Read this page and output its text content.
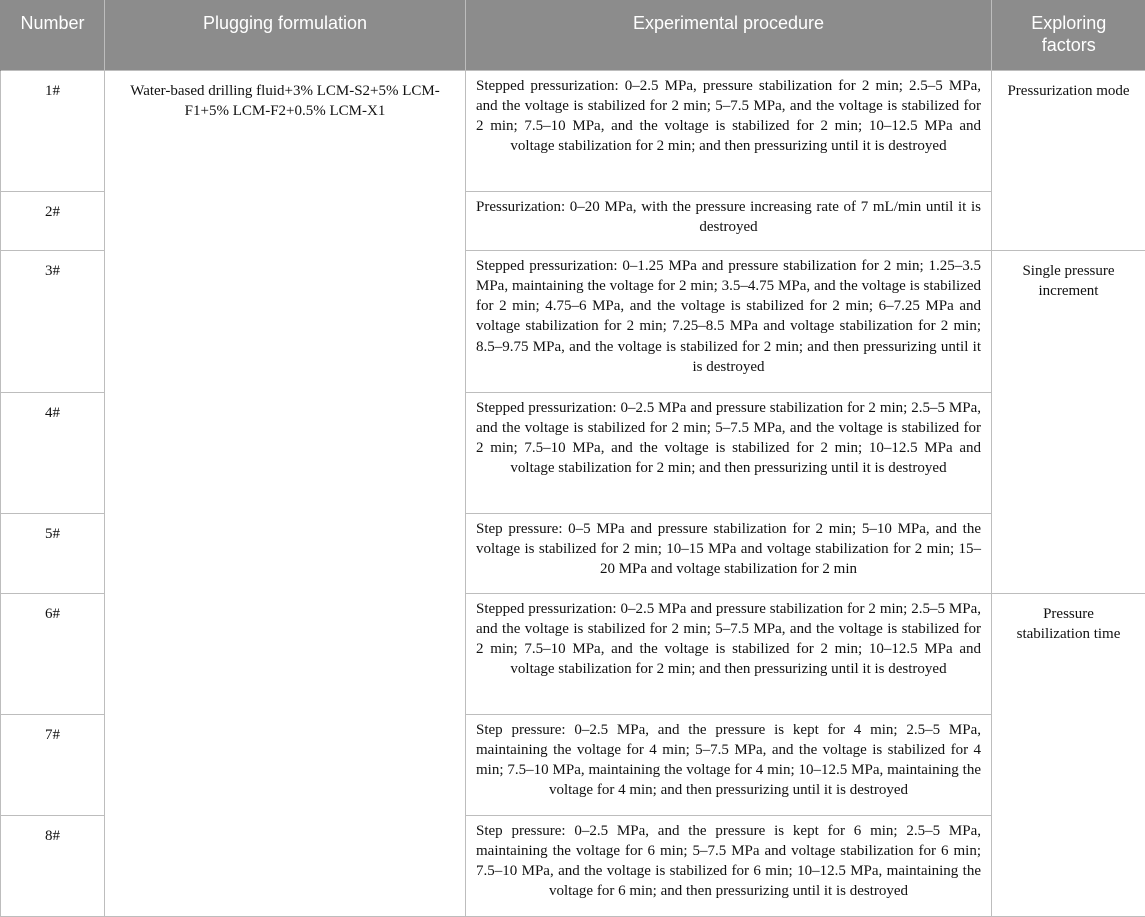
Number	Plugging formulation	Experimental procedure	Exploring factors
1#	Water-based drilling fluid+3% LCM-S2+5% LCM-F1+5% LCM-F2+0.5% LCM-X1	Stepped pressurization: 0–2.5 MPa, pressure stabilization for 2 min; 2.5–5 MPa, and the voltage is stabilized for 2 min; 5–7.5 MPa, and the voltage is stabilized for 2 min; 7.5–10 MPa, and the voltage is stabilized for 2 min; 10–12.5 MPa and voltage stabilization for 2 min; and then pressurizing until it is destroyed	Pressurization mode
2#		Pressurization: 0–20 MPa, with the pressure increasing rate of 7 mL/min until it is destroyed	

3#		Stepped pressurization: 0–1.25 MPa and pressure stabilization for 2 min; 1.25–3.5 MPa, maintaining the voltage for 2 min; 3.5–4.75 MPa, and the voltage is stabilized for 2 min; 4.75–6 MPa, and the voltage is stabilized for 2 min; 6–7.25 MPa and voltage stabilization for 2 min; 7.25–8.5 MPa and voltage stabilization for 2 min; 8.5–9.75 MPa, and the voltage is stabilized for 2 min; and then pressurizing until it is destroyed	Single pressure increment
4#		Stepped pressurization: 0–2.5 MPa and pressure stabilization for 2 min; 2.5–5 MPa, and the voltage is stabilized for 2 min; 5–7.5 MPa, and the voltage is stabilized for 2 min; 7.5–10 MPa, and the voltage is stabilized for 2 min; 10–12.5 MPa and voltage stabilization for 2 min; and then pressurizing until it is destroyed	

5#		Step pressure: 0–5 MPa and pressure stabilization for 2 min; 5–10 MPa, and the voltage is stabilized for 2 min; 10–15 MPa and voltage stabilization for 2 min; 15–20 MPa and voltage stabilization for 2 min	

6#		Stepped pressurization: 0–2.5 MPa and pressure stabilization for 2 min; 2.5–5 MPa, and the voltage is stabilized for 2 min; 5–7.5 MPa, and the voltage is stabilized for 2 min; 7.5–10 MPa, and the voltage is stabilized for 2 min; 10–12.5 MPa and voltage stabilization for 2 min; and then pressurizing until it is destroyed	Pressure stabilization time
7#		Step pressure: 0–2.5 MPa, and the pressure is kept for 4 min; 2.5–5 MPa, maintaining the voltage for 4 min; 5–7.5 MPa, and the voltage is stabilized for 4 min; 7.5–10 MPa, maintaining the voltage for 4 min; 10–12.5 MPa, maintaining the voltage for 4 min; and then pressurizing until it is destroyed	

8#		Step pressure: 0–2.5 MPa, and the pressure is kept for 6 min; 2.5–5 MPa, maintaining the voltage for 6 min; 5–7.5 MPa and voltage stabilization for 6 min; 7.5–10 MPa, and the voltage is stabilized for 6 min; 10–12.5 MPa, maintaining the voltage for 6 min; and then pressurizing until it is destroyed	
